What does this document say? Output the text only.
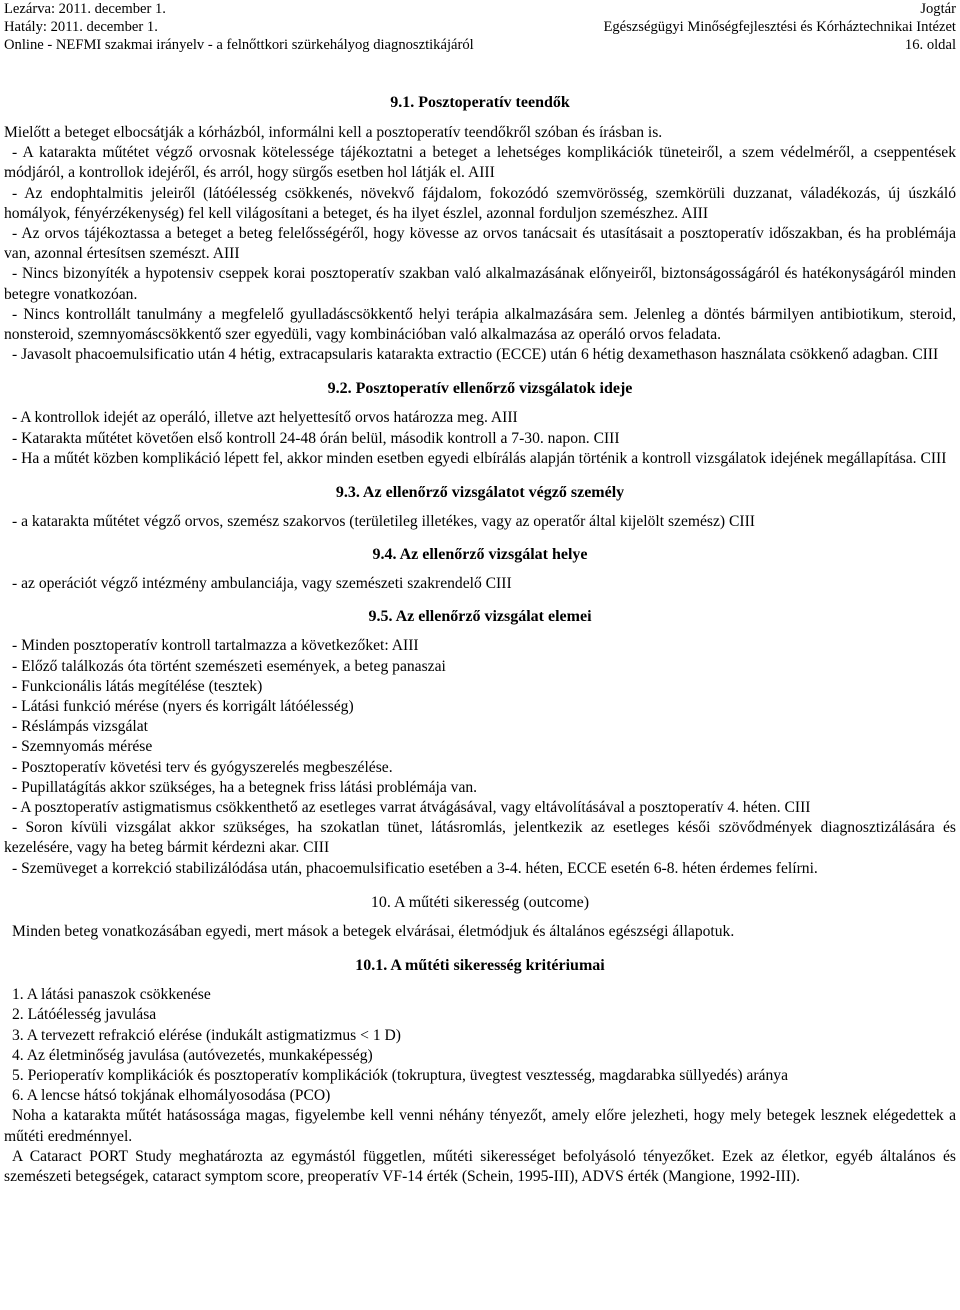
Lezárva: 2011. december 1.	Jogtár
Hatály: 2011. december 1.	Egészségügyi Minőségfejlesztési és Kórháztechnikai Intézet
Online - NEFMI szakmai irányelv - a felnőttkori szürkehályog diagnosztikájáról	16. oldal
9.1. Posztoperatív teendők

Mielőtt a beteget elbocsátják a kórházból, informálni kell a posztoperatív teendőkről szóban és írásban is.

- A katarakta műtétet végző orvosnak kötelessége tájékoztatni a beteget a lehetséges komplikációk tüneteiről, a szem védelméről, a cseppentések módjáról, a kontrollok idejéről, és arról, hogy sürgős esetben hol látják el. AIII

- Az endophtalmitis jeleiről (látóélesség csökkenés, növekvő fájdalom, fokozódó szemvörösség, szemkörüli duzzanat, váladékozás, új úszkáló homályok, fényérzékenység) fel kell világosítani a beteget, és ha ilyet észlel, azonnal forduljon szemészhez. AIII

- Az orvos tájékoztassa a beteget a beteg felelősségéről, hogy kövesse az orvos tanácsait és utasításait a posztoperatív időszakban, és ha problémája van, azonnal értesítsen szemészt. AIII

- Nincs bizonyíték a hypotensiv cseppek korai posztoperatív szakban való alkalmazásának előnyeiről, biztonságosságáról és hatékonyságáról minden betegre vonatkozóan.

- Nincs kontrollált tanulmány a megfelelő gyulladáscsökkentő helyi terápia alkalmazására sem. Jelenleg a döntés bármilyen antibiotikum, steroid, nonsteroid, szemnyomáscsökkentő szer egyedüli, vagy kombinációban való alkalmazása az operáló orvos feladata.

- Javasolt phacoemulsificatio után 4 hétig, extracapsularis katarakta extractio (ECCE) után 6 hétig dexamethason használata csökkenő adagban. CIII

9.2. Posztoperatív ellenőrző vizsgálatok ideje

- A kontrollok idejét az operáló, illetve azt helyettesítő orvos határozza meg. AIII

- Katarakta műtétet követően első kontroll 24-48 órán belül, második kontroll a 7-30. napon. CIII

- Ha a műtét közben komplikáció lépett fel, akkor minden esetben egyedi elbírálás alapján történik a kontroll vizsgálatok idejének megállapítása. CIII

9.3. Az ellenőrző vizsgálatot végző személy

- a katarakta műtétet végző orvos, szemész szakorvos (területileg illetékes, vagy az operatőr által kijelölt szemész) CIII

9.4. Az ellenőrző vizsgálat helye

- az operációt végző intézmény ambulanciája, vagy szemészeti szakrendelő CIII

9.5. Az ellenőrző vizsgálat elemei

- Minden posztoperatív kontroll tartalmazza a következőket: AIII

- Előző találkozás óta történt szemészeti események, a beteg panaszai

- Funkcionális látás megítélése (tesztek)

- Látási funkció mérése (nyers és korrigált látóélesség)

- Réslámpás vizsgálat

- Szemnyomás mérése

- Posztoperatív követési terv és gyógyszerelés megbeszélése.

- Pupillatágítás akkor szükséges, ha a betegnek friss látási problémája van.

- A posztoperatív astigmatismus csökkenthető az esetleges varrat átvágásával, vagy eltávolításával a posztoperatív 4. héten. CIII

- Soron kívüli vizsgálat akkor szükséges, ha szokatlan tünet, látásromlás, jelentkezik az esetleges késői szövődmények diagnosztizálására és kezelésére, vagy ha beteg bármit kérdezni akar. CIII

- Szemüveget a korrekció stabilizálódása után, phacoemulsificatio esetében a 3-4. héten, ECCE esetén 6-8. héten érdemes felírni.

10. A műtéti sikeresség (outcome)

Minden beteg vonatkozásában egyedi, mert mások a betegek elvárásai, életmódjuk és általános egészségi állapotuk.

10.1. A műtéti sikeresség kritériumai

1. A látási panaszok csökkenése

2. Látóélesség javulása

3. A tervezett refrakció elérése (indukált astigmatizmus < 1 D)

4. Az életminőség javulása (autóvezetés, munkaképesség)

5. Perioperatív komplikációk és posztoperatív komplikációk (tokruptura, üvegtest vesztesség, magdarabka süllyedés) aránya

6. A lencse hátsó tokjának elhomályosodása (PCO)

Noha a katarakta műtét hatásossága magas, figyelembe kell venni néhány tényezőt, amely előre jelezheti, hogy mely betegek lesznek elégedettek a műtéti eredménnyel.

A Cataract PORT Study meghatározta az egymástól független, műtéti sikerességet befolyásoló tényezőket. Ezek az életkor, egyéb általános és szemészeti betegségek, cataract symptom score, preoperatív VF-14 érték (Schein, 1995-III), ADVS érték (Mangione, 1992-III).
